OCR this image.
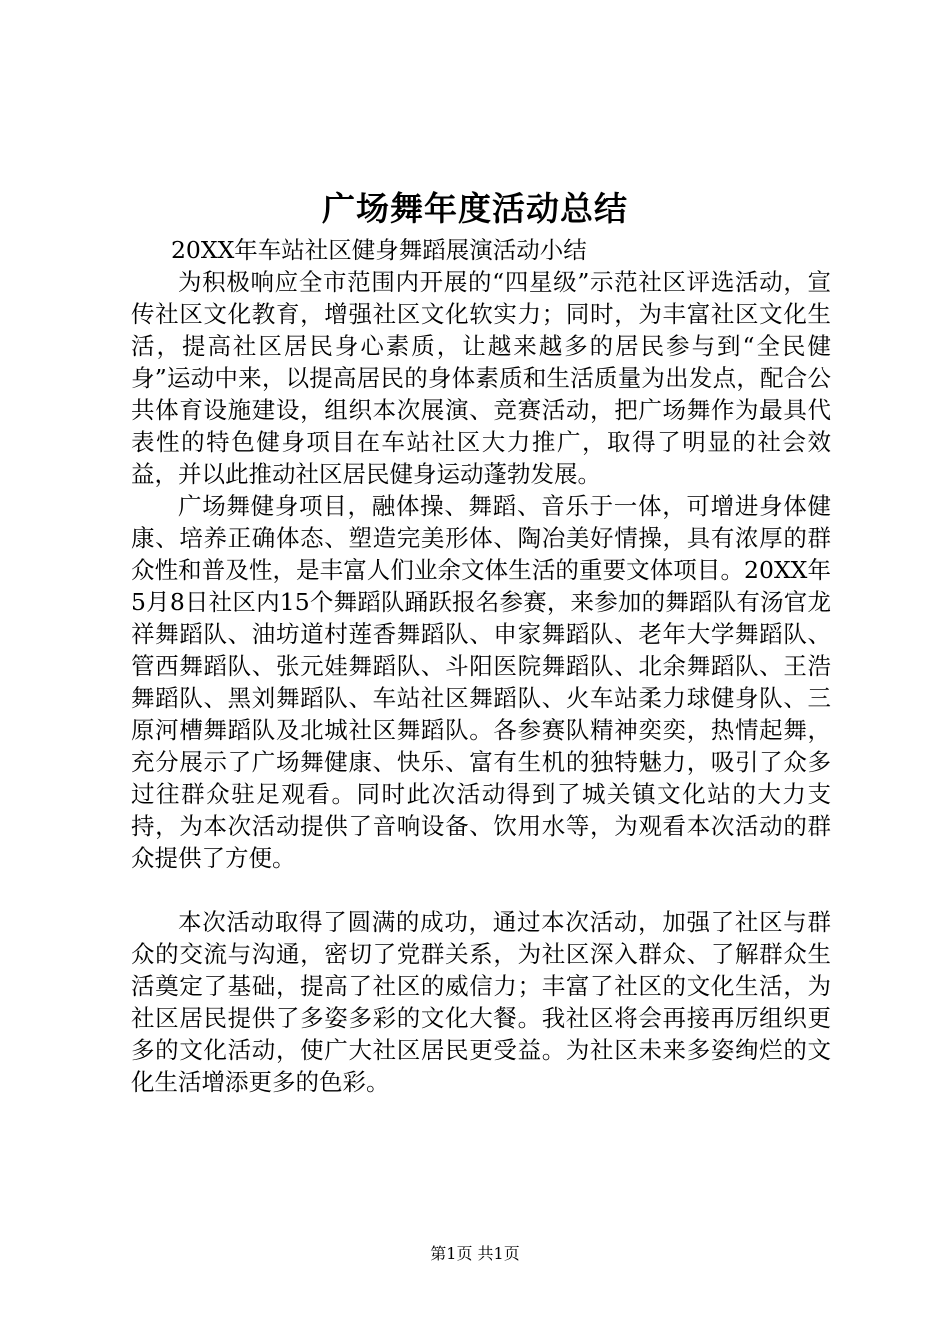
广场舞年度活动总结

20XX年车站社区健身舞蹈展演活动小结

为积极响应全市范围内开展的“四星级”示范社区评选活动，宣传社区文化教育，增强社区文化软实力；同时，为丰富社区文化生活，提高社区居民身心素质，让越来越多的居民参与到“全民健身”运动中来，以提高居民的身体素质和生活质量为出发点，配合公共体育设施建设，组织本次展演、竞赛活动，把广场舞作为最具代表性的特色健身项目在车站社区大力推广，取得了明显的社会效益，并以此推动社区居民健身运动蓬勃发展。

广场舞健身项目，融体操、舞蹈、音乐于一体，可增进身体健康、培养正确体态、塑造完美形体、陶冶美好情操，具有浓厚的群众性和普及性，是丰富人们业余文体生活的重要文体项目。20XX年5月8日社区内15个舞蹈队踊跃报名参赛，来参加的舞蹈队有汤官龙祥舞蹈队、油坊道村莲香舞蹈队、申家舞蹈队、老年大学舞蹈队、管西舞蹈队、张元娃舞蹈队、斗阳医院舞蹈队、北余舞蹈队、王浩舞蹈队、黑刘舞蹈队、车站社区舞蹈队、火车站柔力球健身队、三原河槽舞蹈队及北城社区舞蹈队。各参赛队精神奕奕，热情起舞，充分展示了广场舞健康、快乐、富有生机的独特魅力，吸引了众多过往群众驻足观看。同时此次活动得到了城关镇文化站的大力支持，为本次活动提供了音响设备、饮用水等，为观看本次活动的群众提供了方便。

本次活动取得了圆满的成功，通过本次活动，加强了社区与群众的交流与沟通，密切了党群关系，为社区深入群众、了解群众生活奠定了基础，提高了社区的威信力；丰富了社区的文化生活，为社区居民提供了多姿多彩的文化大餐。我社区将会再接再厉组织更多的文化活动，使广大社区居民更受益。为社区未来多姿绚烂的文化生活增添更多的色彩。

第1页 共1页
